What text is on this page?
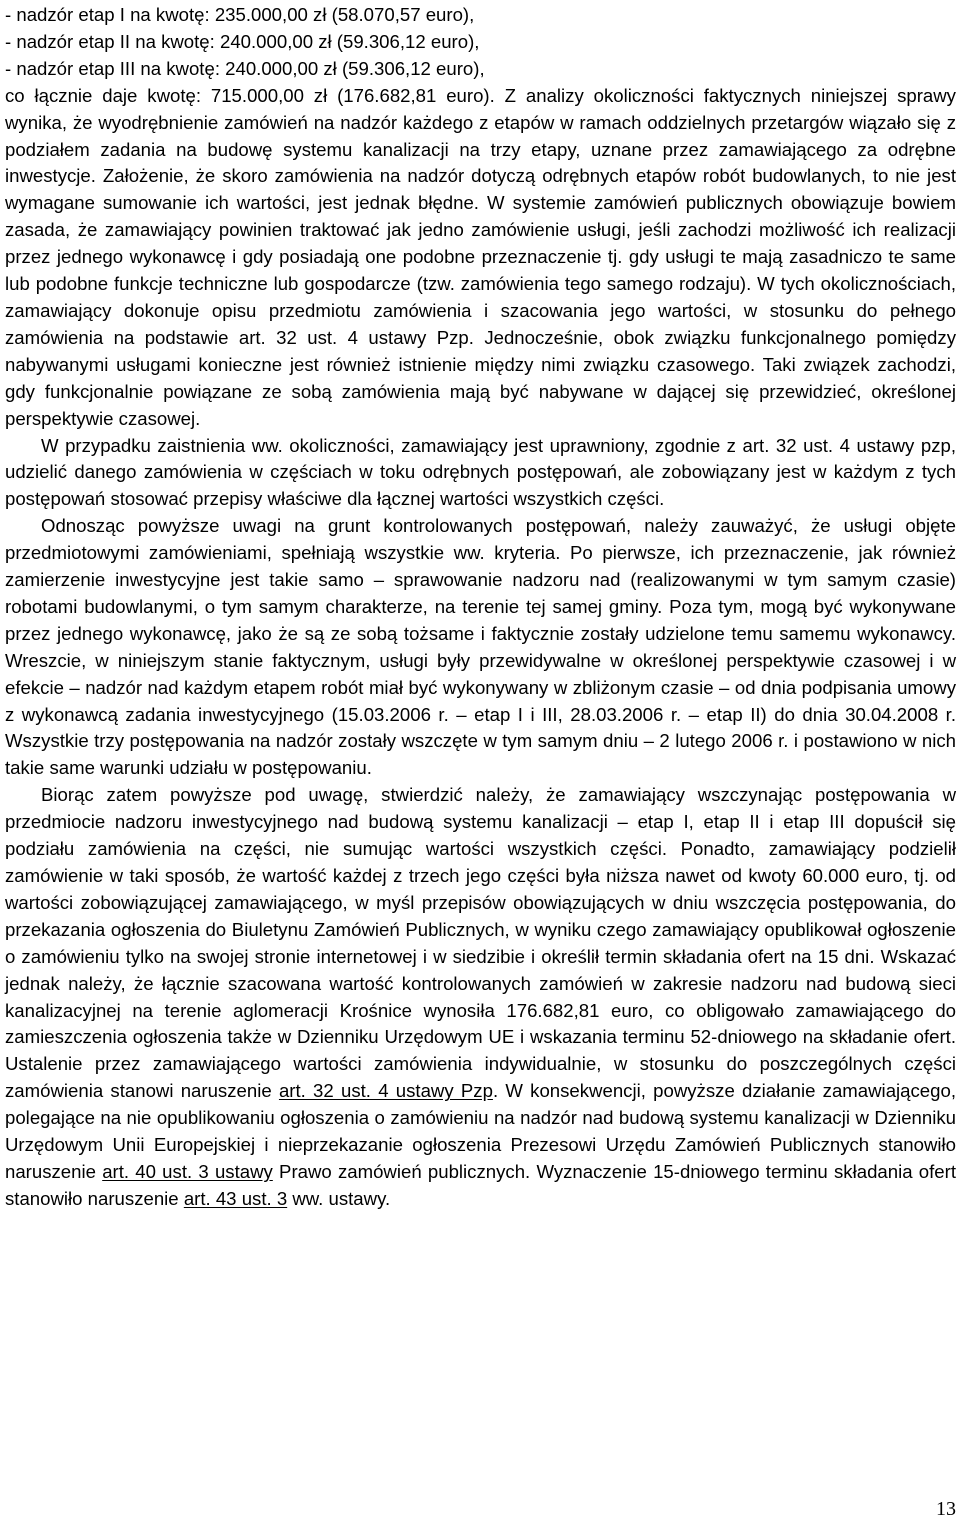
- nadzór etap I na kwotę: 235.000,00 zł (58.070,57 euro),
- nadzór etap II na kwotę: 240.000,00 zł (59.306,12 euro),
- nadzór etap III na kwotę: 240.000,00 zł (59.306,12 euro),

co łącznie daje kwotę: 715.000,00 zł (176.682,81 euro). Z analizy okoliczności faktycznych niniejszej sprawy wynika, że wyodrębnienie zamówień na nadzór każdego z etapów w ramach oddzielnych przetargów wiązało się z podziałem zadania na budowę systemu kanalizacji na trzy etapy, uznane przez zamawiającego za odrębne inwestycje. Założenie, że skoro zamówienia na nadzór dotyczą odrębnych etapów robót budowlanych, to nie jest wymagane sumowanie ich wartości, jest jednak błędne. W systemie zamówień publicznych obowiązuje bowiem zasada, że zamawiający powinien traktować jak jedno zamówienie usługi, jeśli zachodzi możliwość ich realizacji przez jednego wykonawcę i gdy posiadają one podobne przeznaczenie tj. gdy usługi te mają zasadniczo te same lub podobne funkcje techniczne lub gospodarcze (tzw. zamówienia tego samego rodzaju). W tych okolicznościach, zamawiający dokonuje opisu przedmiotu zamówienia i szacowania jego wartości, w stosunku do pełnego zamówienia na podstawie art. 32 ust. 4 ustawy Pzp. Jednocześnie, obok związku funkcjonalnego pomiędzy nabywanymi usługami konieczne jest również istnienie między nimi związku czasowego. Taki związek zachodzi, gdy funkcjonalnie powiązane ze sobą zamówienia mają być nabywane w dającej się przewidzieć, określonej perspektywie czasowej.

W przypadku zaistnienia ww. okoliczności, zamawiający jest uprawniony, zgodnie z art. 32 ust. 4 ustawy pzp, udzielić danego zamówienia w częściach w toku odrębnych postępowań, ale zobowiązany jest w każdym z tych postępowań stosować przepisy właściwe dla łącznej wartości wszystkich części.

Odnosząc powyższe uwagi na grunt kontrolowanych postępowań, należy zauważyć, że usługi objęte przedmiotowymi zamówieniami, spełniają wszystkie ww. kryteria. Po pierwsze, ich przeznaczenie, jak również zamierzenie inwestycyjne jest takie samo – sprawowanie nadzoru nad (realizowanymi w tym samym czasie) robotami budowlanymi, o tym samym charakterze, na terenie tej samej gminy. Poza tym, mogą być wykonywane przez jednego wykonawcę, jako że są ze sobą tożsame i faktycznie zostały udzielone temu samemu wykonawcy. Wreszcie, w niniejszym stanie faktycznym, usługi były przewidywalne w określonej perspektywie czasowej i w efekcie – nadzór nad każdym etapem robót miał być wykonywany w zbliżonym czasie – od dnia podpisania umowy z wykonawcą zadania inwestycyjnego (15.03.2006 r. – etap I i III, 28.03.2006 r. – etap II) do dnia 30.04.2008 r. Wszystkie trzy postępowania na nadzór zostały wszczęte w tym samym dniu – 2 lutego 2006 r. i postawiono w nich takie same warunki udziału w postępowaniu.

Biorąc zatem powyższe pod uwagę, stwierdzić należy, że zamawiający wszczynając postępowania w przedmiocie nadzoru inwestycyjnego nad budową systemu kanalizacji – etap I, etap II i etap III dopuścił się podziału zamówienia na części, nie sumując wartości wszystkich części. Ponadto, zamawiający podzielił zamówienie w taki sposób, że wartość każdej z trzech jego części była niższa nawet od kwoty 60.000 euro, tj. od wartości zobowiązującej zamawiającego, w myśl przepisów obowiązujących w dniu wszczęcia postępowania, do przekazania ogłoszenia do Biuletynu Zamówień Publicznych, w wyniku czego zamawiający opublikował ogłoszenie o zamówieniu tylko na swojej stronie internetowej i w siedzibie i określił termin składania ofert na 15 dni. Wskazać jednak należy, że łącznie szacowana wartość kontrolowanych zamówień w zakresie nadzoru nad budową sieci kanalizacyjnej na terenie aglomeracji Krośnice wynosiła 176.682,81 euro, co obligowało zamawiającego do zamieszczenia ogłoszenia także w Dzienniku Urzędowym UE i wskazania terminu 52-dniowego na składanie ofert. Ustalenie przez zamawiającego wartości zamówienia indywidualnie, w stosunku do poszczególnych części zamówienia stanowi naruszenie art. 32 ust. 4 ustawy Pzp. W konsekwencji, powyższe działanie zamawiającego, polegające na nie opublikowaniu ogłoszenia o zamówieniu na nadzór nad budową systemu kanalizacji w Dzienniku Urzędowym Unii Europejskiej i nieprzekazanie ogłoszenia Prezesowi Urzędu Zamówień Publicznych stanowiło naruszenie art. 40 ust. 3 ustawy Prawo zamówień publicznych. Wyznaczenie 15-dniowego terminu składania ofert stanowiło naruszenie art. 43 ust. 3 ww. ustawy.

13
